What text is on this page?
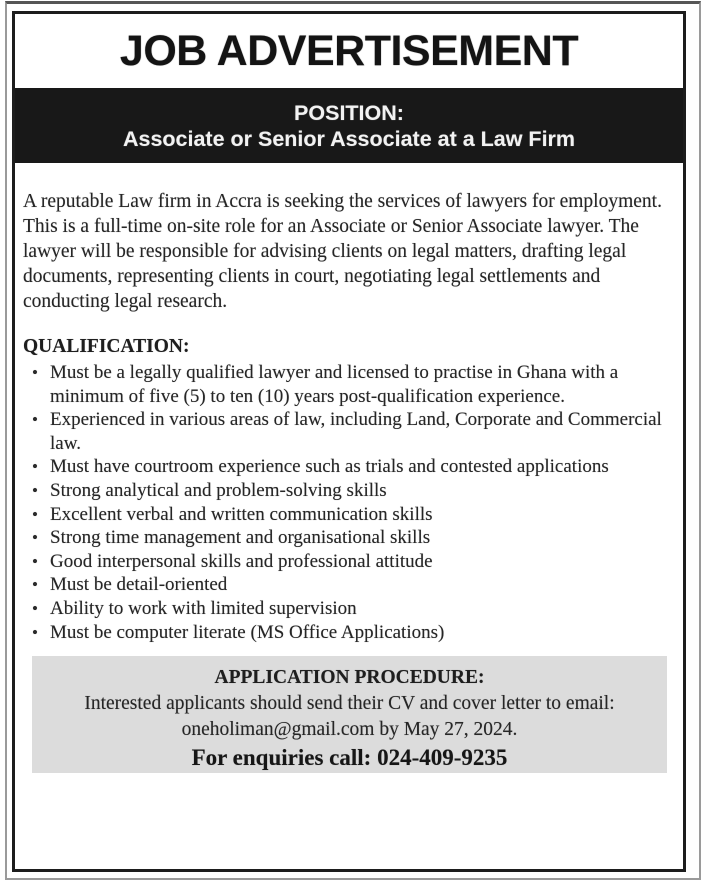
JOB ADVERTISEMENT
POSITION:
Associate or Senior Associate at a Law Firm

A reputable Law firm in Accra is seeking the services of lawyers for employment.

This is a full-time on-site role for an Associate or Senior Associate lawyer. The lawyer will be responsible for advising clients on legal matters, drafting legal documents, representing clients in court, negotiating legal settlements and conducting legal research.

QUALIFICATION:
• Must be a legally qualified lawyer and licensed to practise in Ghana with a minimum of five (5) to ten (10) years post-qualification experience.
• Experienced in various areas of law, including Land, Corporate and Commercial law.
• Must have courtroom experience such as trials and contested applications
• Strong analytical and problem-solving skills
• Excellent verbal and written communication skills
• Strong time management and organisational skills
• Good interpersonal skills and professional attitude
• Must be detail-oriented
• Ability to work with limited supervision
• Must be computer literate (MS Office Applications)
APPLICATION PROCEDURE:
Interested applicants should send their CV and cover letter to email:
oneholiman@gmail.com by May 27, 2024.
For enquiries call: 024-409-9235
